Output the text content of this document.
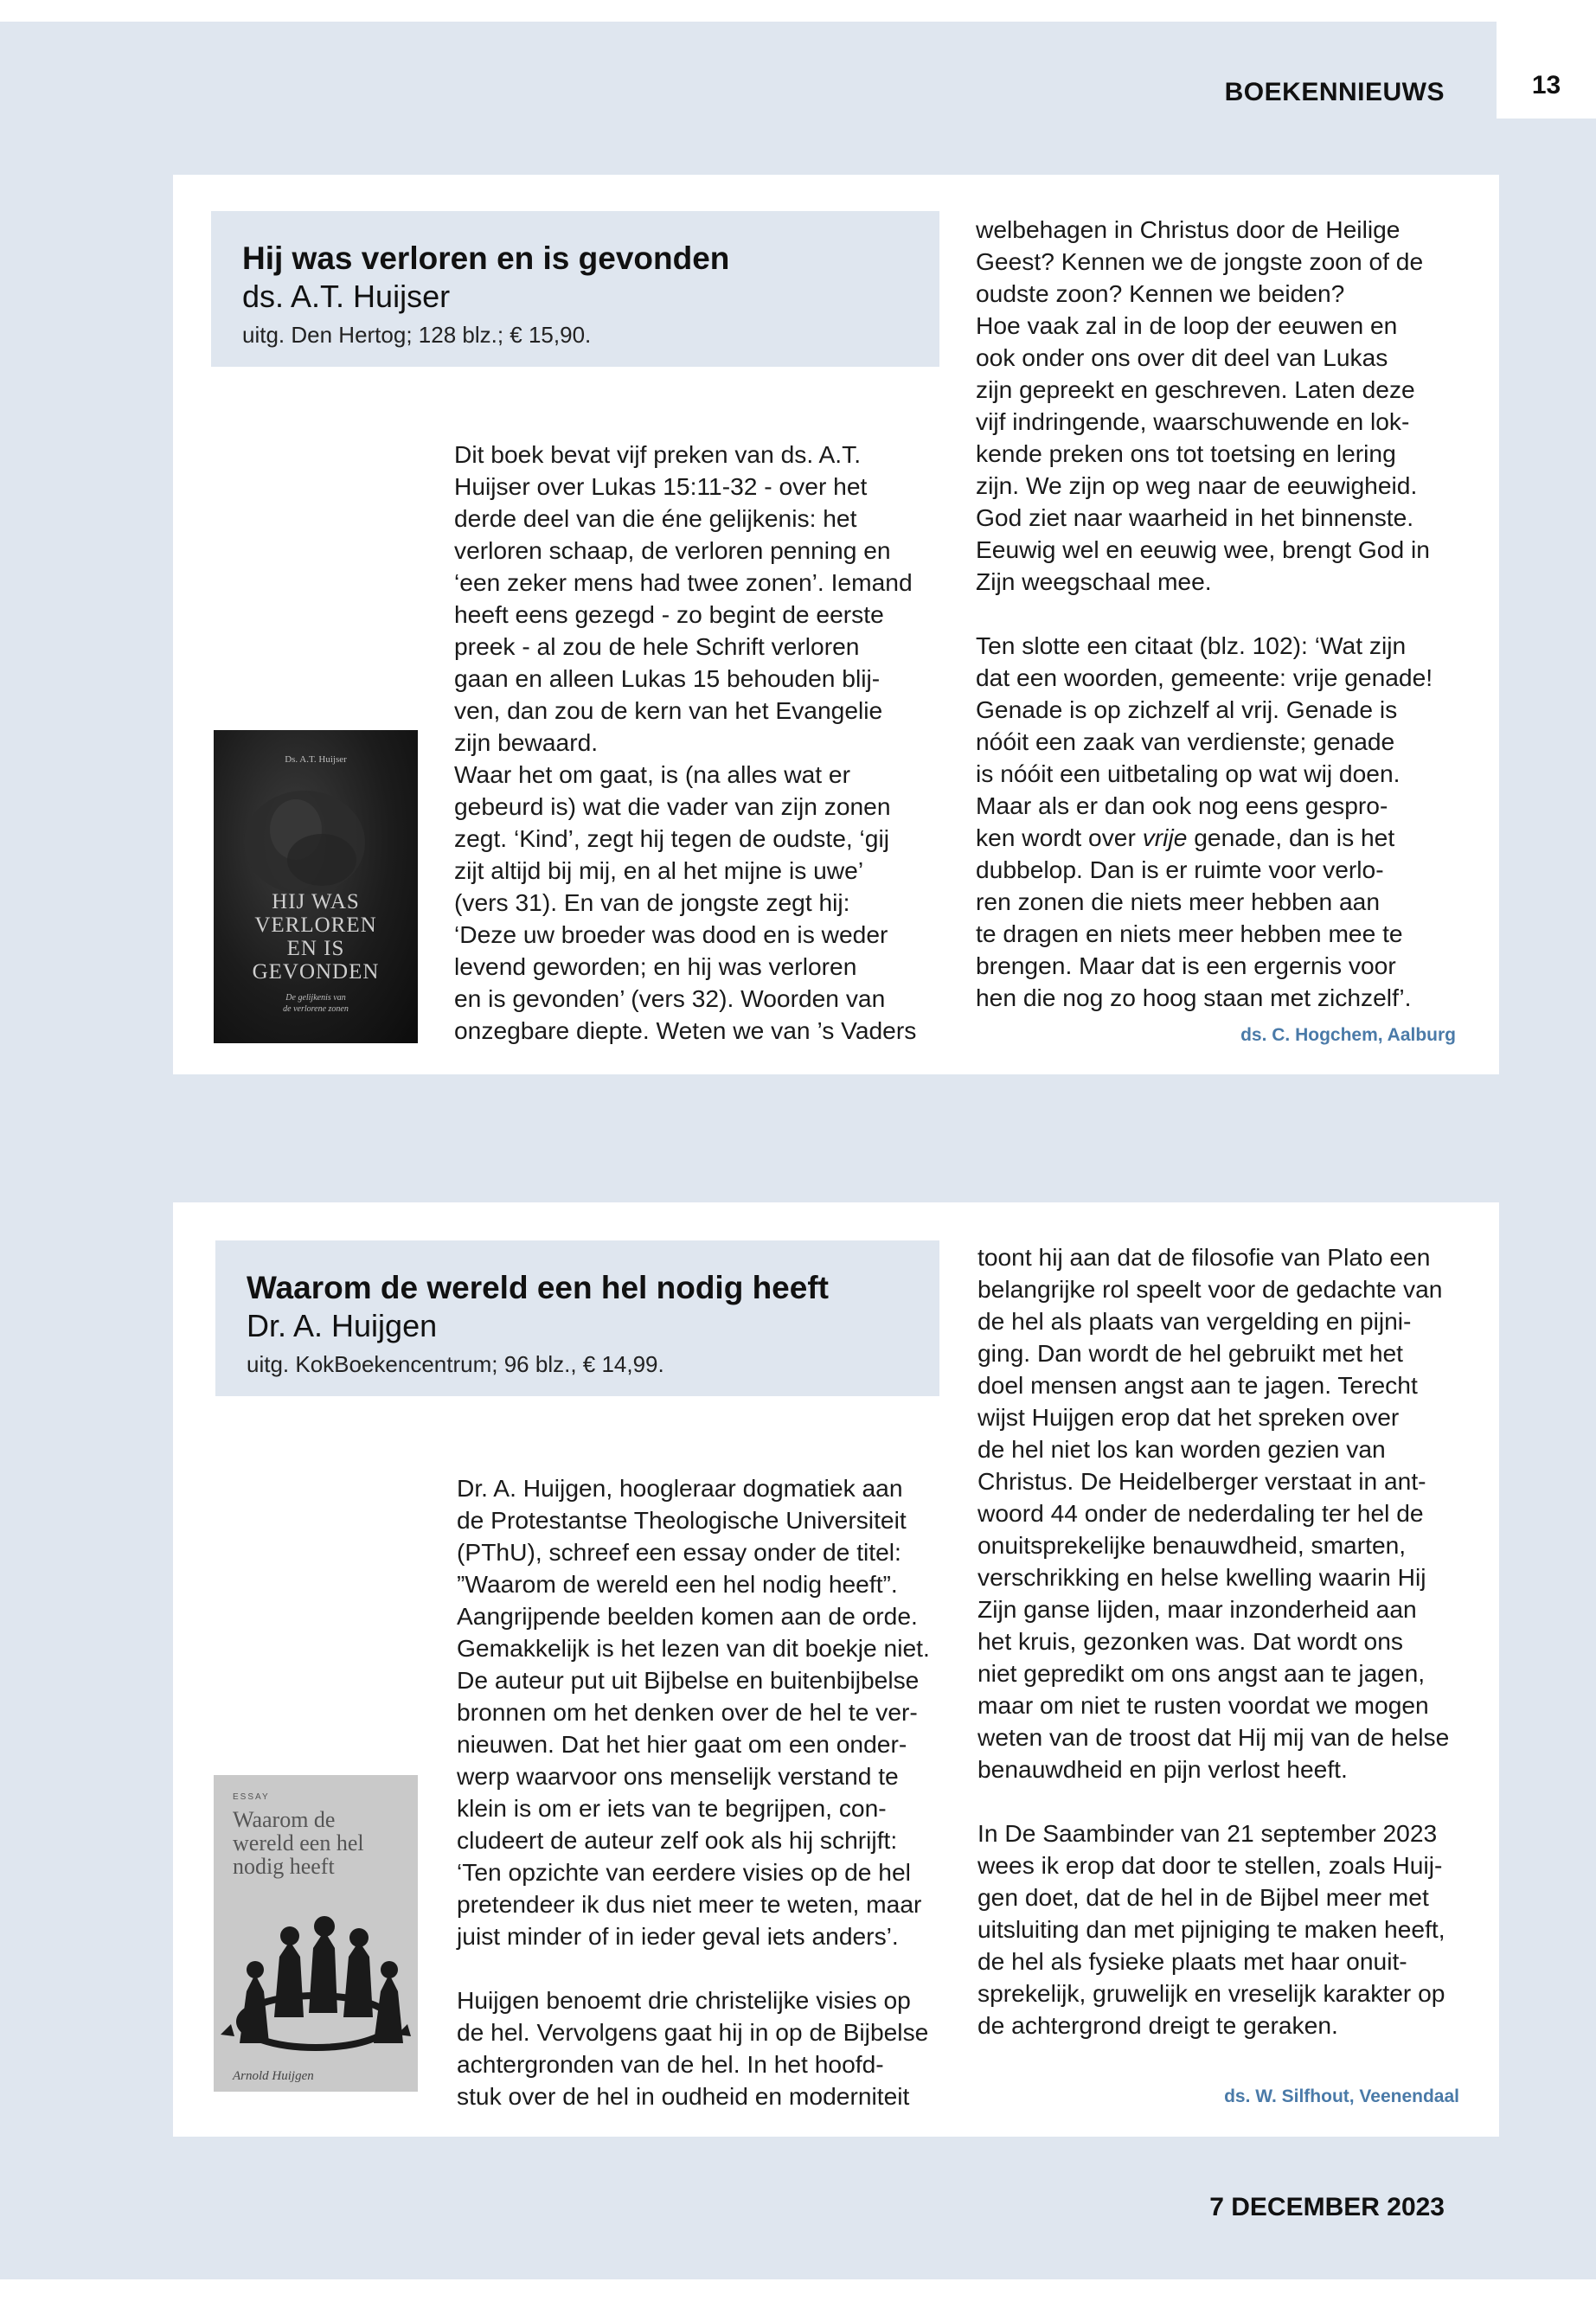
13
BOEKENNIEUWS
Hij was verloren en is gevonden
ds. A.T. Huijser
uitg. Den Hertog; 128 blz.; € 15,90.
Ds. A.T. Huijser
HIJ WAS
VERLOREN
EN IS
GEVONDEN
De gelijkenis van
de verlorene zonen
Dit boek bevat vijf preken van ds. A.T.
Huijser over Lukas 15:11-32 - over het
derde deel van die éne gelijkenis: het
verloren schaap, de verloren penning en
‘een zeker mens had twee zonen’. Iemand
heeft eens gezegd - zo begint de eerste
preek - al zou de hele Schrift verloren
gaan en alleen Lukas 15 behouden blij-
ven, dan zou de kern van het Evangelie
zijn bewaard.
Waar het om gaat, is (na alles wat er
gebeurd is) wat die vader van zijn zonen
zegt. ‘Kind’, zegt hij tegen de oudste, ‘gij
zijt altijd bij mij, en al het mijne is uwe’
(vers 31). En van de jongste zegt hij:
‘Deze uw broeder was dood en is weder
levend geworden; en hij was verloren
en is gevonden’ (vers 32). Woorden van
onzegbare diepte. Weten we van ’s Vaders
welbehagen in Christus door de Heilige
Geest? Kennen we de jongste zoon of de
oudste zoon? Kennen we beiden?
Hoe vaak zal in de loop der eeuwen en
ook onder ons over dit deel van Lukas
zijn gepreekt en geschreven. Laten deze
vijf indringende, waarschuwende en lok-
kende preken ons tot toetsing en lering
zijn. We zijn op weg naar de eeuwigheid.
God ziet naar waarheid in het binnenste.
Eeuwig wel en eeuwig wee, brengt God in
Zijn weegschaal mee.
Ten slotte een citaat (blz. 102): ‘Wat zijn
dat een woorden, gemeente: vrije genade!
Genade is op zichzelf al vrij. Genade is
nóóit een zaak van verdienste; genade
is nóóit een uitbetaling op wat wij doen.
Maar als er dan ook nog eens gespro-
ken wordt over vrije genade, dan is het
dubbelop. Dan is er ruimte voor verlo-
ren zonen die niets meer hebben aan
te dragen en niets meer hebben mee te
brengen. Maar dat is een ergernis voor
hen die nog zo hoog staan met zichzelf’.
ds. C. Hogchem, Aalburg
Waarom de wereld een hel nodig heeft
Dr. A. Huijgen
uitg. KokBoekencentrum; 96 blz., € 14,99.
ESSAY
Waarom de
wereld een hel
nodig heeft
Arnold Huijgen
Dr. A. Huijgen, hoogleraar dogmatiek aan
de Protestantse Theologische Universiteit
(PThU), schreef een essay onder de titel:
”Waarom de wereld een hel nodig heeft”.
Aangrijpende beelden komen aan de orde.
Gemakkelijk is het lezen van dit boekje niet.
De auteur put uit Bijbelse en buitenbijbelse
bronnen om het denken over de hel te ver-
nieuwen. Dat het hier gaat om een onder-
werp waarvoor ons menselijk verstand te
klein is om er iets van te begrijpen, con-
cludeert de auteur zelf ook als hij schrijft:
‘Ten opzichte van eerdere visies op de hel
pretendeer ik dus niet meer te weten, maar
juist minder of in ieder geval iets anders’.
Huijgen benoemt drie christelijke visies op
de hel. Vervolgens gaat hij in op de Bijbelse
achtergronden van de hel. In het hoofd-
stuk over de hel in oudheid en moderniteit
toont hij aan dat de filosofie van Plato een
belangrijke rol speelt voor de gedachte van
de hel als plaats van vergelding en pijni-
ging. Dan wordt de hel gebruikt met het
doel mensen angst aan te jagen. Terecht
wijst Huijgen erop dat het spreken over
de hel niet los kan worden gezien van
Christus. De Heidelberger verstaat in ant-
woord 44 onder de nederdaling ter hel de
onuitsprekelijke benauwdheid, smarten,
verschrikking en helse kwelling waarin Hij
Zijn ganse lijden, maar inzonderheid aan
het kruis, gezonken was. Dat wordt ons
niet gepredikt om ons angst aan te jagen,
maar om niet te rusten voordat we mogen
weten van de troost dat Hij mij van de helse
benauwdheid en pijn verlost heeft.
In De Saambinder van 21 september 2023
wees ik erop dat door te stellen, zoals Huij-
gen doet, dat de hel in de Bijbel meer met
uitsluiting dan met pijniging te maken heeft,
de hel als fysieke plaats met haar onuit-
sprekelijk, gruwelijk en vreselijk karakter op
de achtergrond dreigt te geraken.
ds. W. Silfhout, Veenendaal
7 DECEMBER 2023
